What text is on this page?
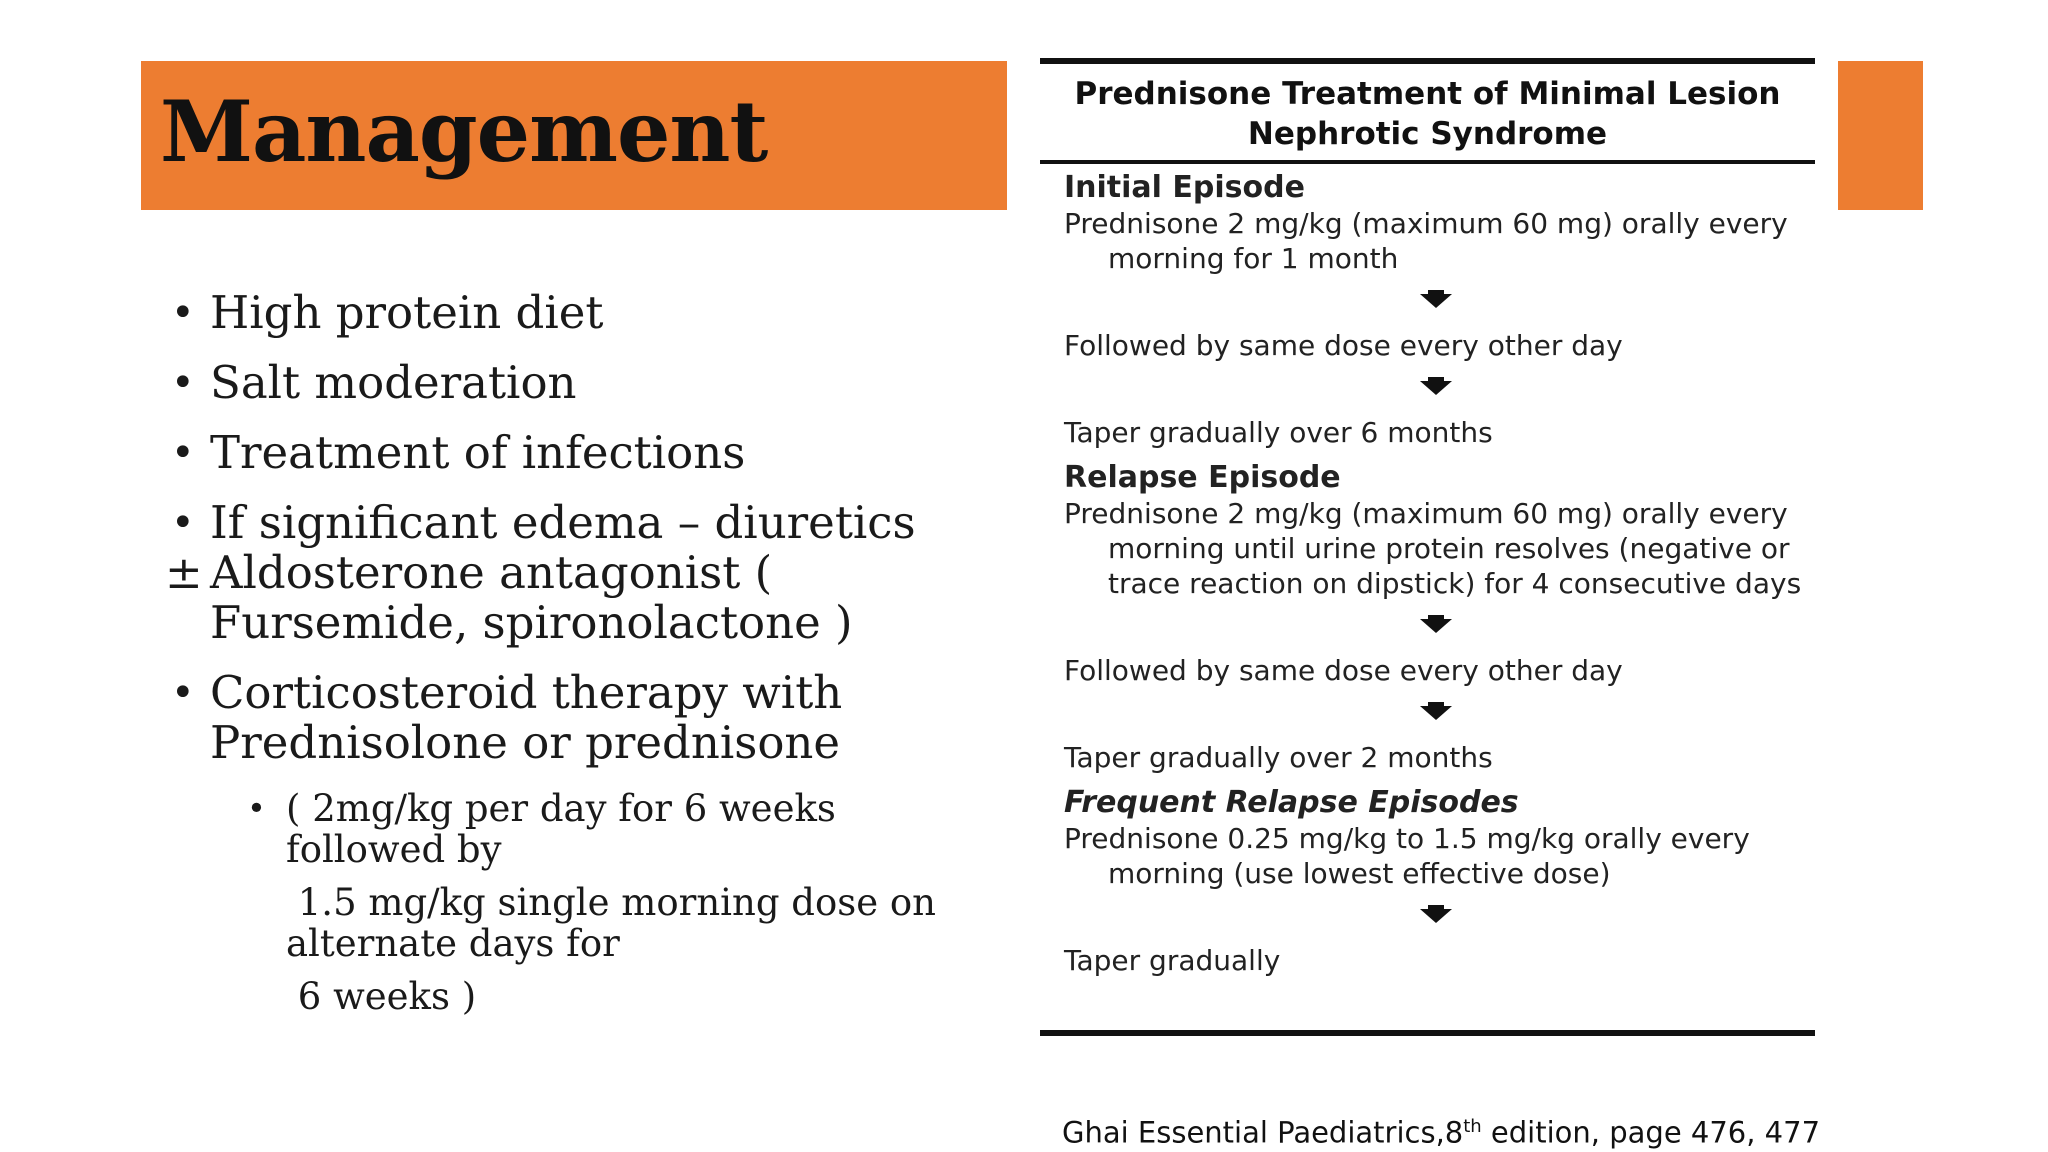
Management
• High protein diet
• Salt moderation
• Treatment of infections
• If significant edema – diuretics
± Aldosterone antagonist (
Fursemide, spironolactone )
• Corticosteroid therapy with
Prednisolone or prednisone
• ( 2mg/kg per day for 6 weeks

followed by

1.5 mg/kg single morning dose on

alternate days for

6 weeks )

Prednisone Treatment of Minimal Lesion
Nephrotic Syndrome

Initial Episode

Prednisone 2 mg/kg (maximum 60 mg) orally every

morning for 1 month

Followed by same dose every other day

Taper gradually over 6 months

Relapse Episode

Prednisone 2 mg/kg (maximum 60 mg) orally every

morning until urine protein resolves (negative or

trace reaction on dipstick) for 4 consecutive days

Followed by same dose every other day

Taper gradually over 2 months

Frequent Relapse Episodes

Prednisone 0.25 mg/kg to 1.5 mg/kg orally every

morning (use lowest effective dose)

Taper gradually

Ghai Essential Paediatrics,8th edition, page 476, 477
